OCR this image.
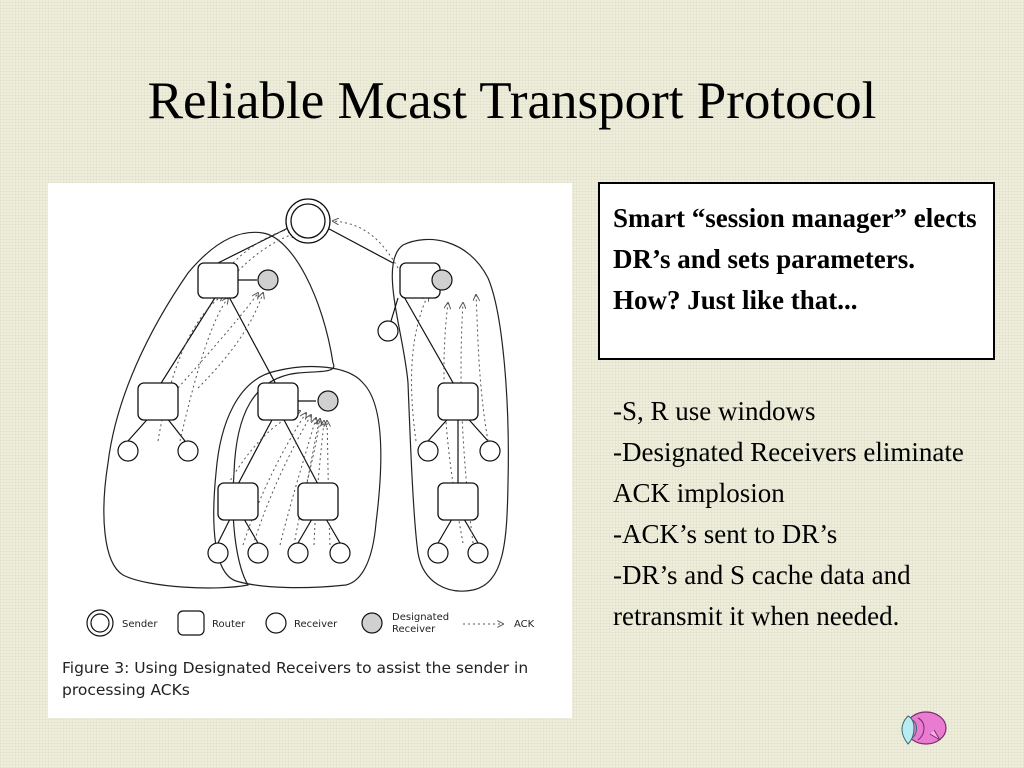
Reliable Mcast Transport Protocol
Sender	Router	Receiver
Designated
Receiver	ACK
Figure 3: Using Designated Receivers to assist the sender in processing ACKs
Smart “session manager” elects DR’s and sets parameters. How? Just like that...
-S, R use windows
-Designated Receivers eliminate ACK implosion
-ACK’s sent to DR’s
-DR’s and S cache data and retransmit it when needed.
